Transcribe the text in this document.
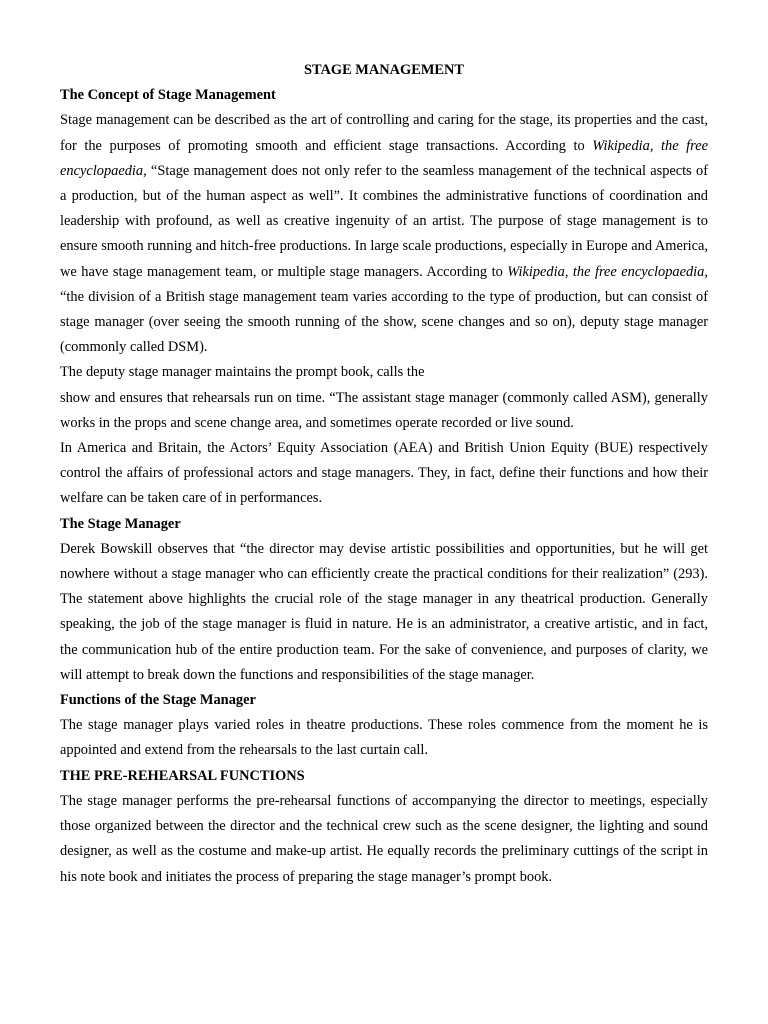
STAGE MANAGEMENT

The Concept of Stage Management

Stage management can be described as the art of controlling and caring for the stage, its properties and the cast, for the purposes of promoting smooth and efficient stage transactions. According to Wikipedia, the free encyclopaedia, “Stage management does not only refer to the seamless management of the technical aspects of a production, but of the human aspect as well”. It combines the administrative functions of coordination and leadership with profound, as well as creative ingenuity of an artist. The purpose of stage management is to ensure smooth running and hitch-free productions. In large scale productions, especially in Europe and America, we have stage management team, or multiple stage managers. According to Wikipedia, the free encyclopaedia, “the division of a British stage management team varies according to the type of production, but can consist of stage manager (over seeing the smooth running of the show, scene changes and so on), deputy stage manager (commonly called DSM).

The deputy stage manager maintains the prompt book, calls the

show and ensures that rehearsals run on time. “The assistant stage manager (commonly called ASM), generally works in the props and scene change area, and sometimes operate recorded or live sound.

In America and Britain, the Actors’ Equity Association (AEA) and British Union Equity (BUE) respectively control the affairs of professional actors and stage managers. They, in fact, define their functions and how their welfare can be taken care of in performances.

The Stage Manager

Derek Bowskill observes that “the director may devise artistic possibilities and opportunities, but he will get nowhere without a stage manager who can efficiently create the practical conditions for their realization” (293). The statement above highlights the crucial role of the stage manager in any theatrical production. Generally speaking, the job of the stage manager is fluid in nature. He is an administrator, a creative artistic, and in fact, the communication hub of the entire production team. For the sake of convenience, and purposes of clarity, we will attempt to break down the functions and responsibilities of the stage manager.

Functions of the Stage Manager

The stage manager plays varied roles in theatre productions. These roles commence from the moment he is appointed and extend from the rehearsals to the last curtain call.

THE PRE-REHEARSAL FUNCTIONS

The stage manager performs the pre-rehearsal functions of accompanying the director to meetings, especially those organized between the director and the technical crew such as the scene designer, the lighting and sound designer, as well as the costume and make-up artist. He equally records the preliminary cuttings of the script in his note book and initiates the process of preparing the stage manager’s prompt book.
